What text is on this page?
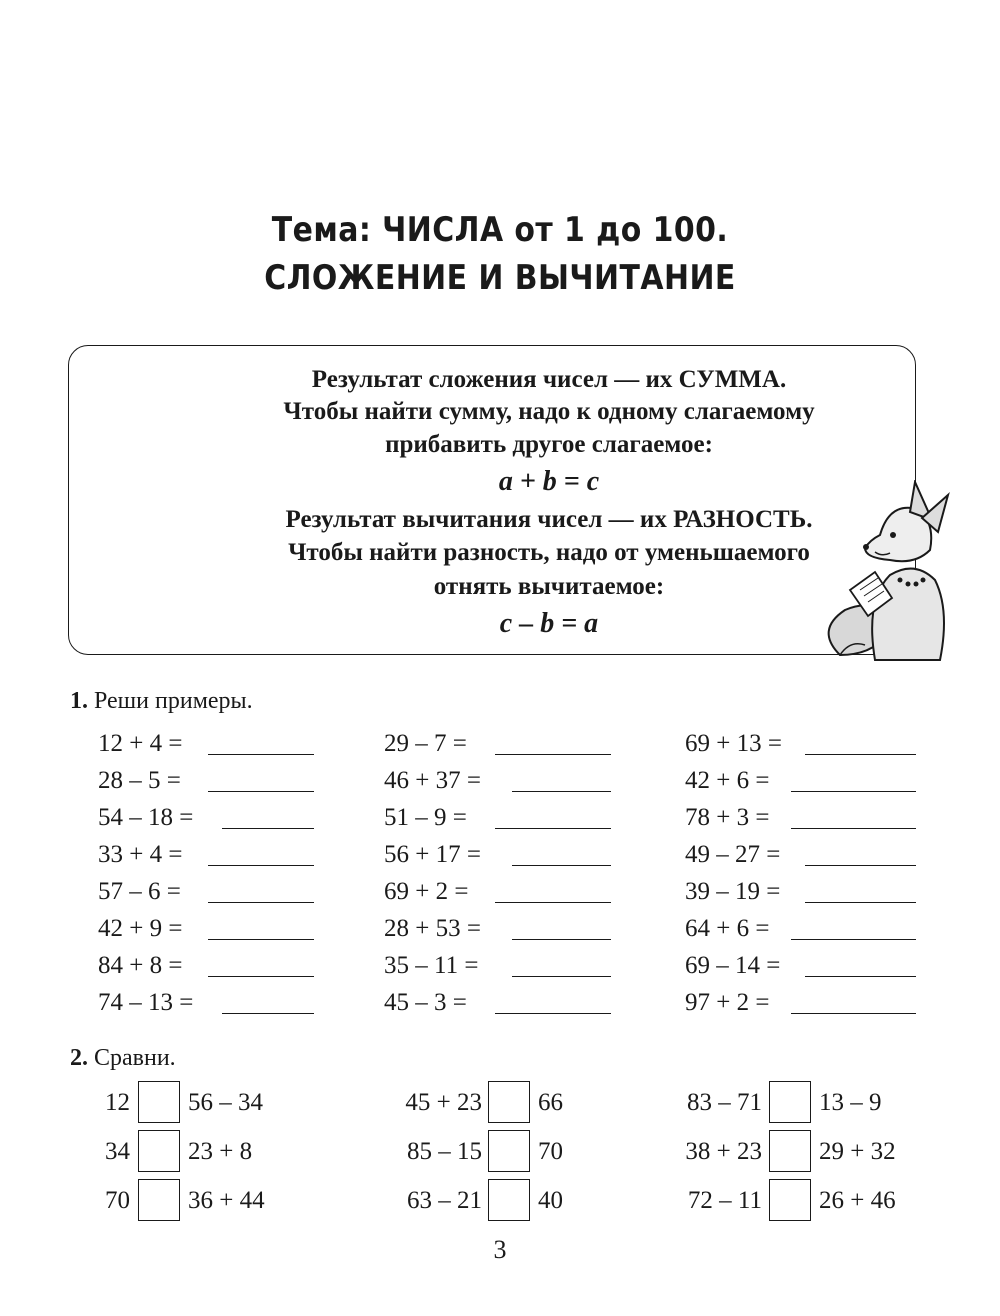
Тема: ЧИСЛА от 1 до 100.
СЛОЖЕНИЕ И ВЫЧИТАНИЕ
Результат сложения чисел — их СУММА.
Чтобы найти сумму, надо к одному слагаемому
прибавить другое слагаемое:
a + b = c
Результат вычитания чисел — их РАЗНОСТЬ.
Чтобы найти разность, надо от уменьшаемого
отнять вычитаемое:
c – b = a
1. Реши примеры.
12 + 4 =
28 – 5 =
54 – 18 =
33 + 4 =
57 – 6 =
42 + 9 =
84 + 8 =
74 – 13 =
29 – 7 =
46 + 37 =
51 – 9 =
56 + 17 =
69 + 2 =
28 + 53 =
35 – 11 =
45 – 3 =
69 + 13 =
42 + 6 =
78 + 3 =
49 – 27 =
39 – 19 =
64 + 6 =
69 – 14 =
97 + 2 =
2. Сравни.
12 56 – 34
34 23 + 8
70 36 + 44
45 + 23 66
85 – 15 70
63 – 21 40
83 – 71 13 – 9
38 + 23 29 + 32
72 – 11 26 + 46
3
